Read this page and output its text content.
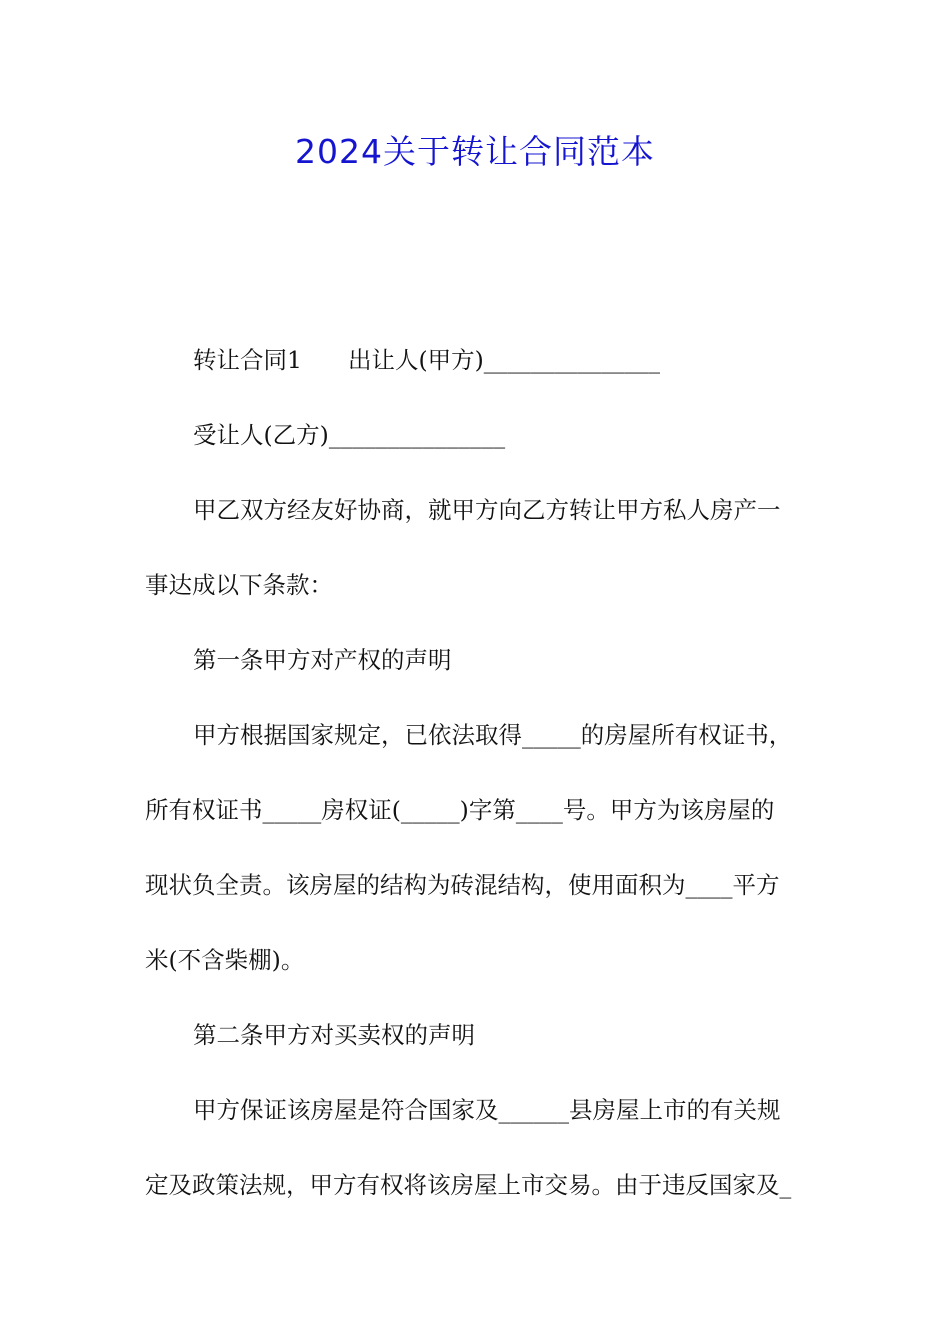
2024关于转让合同范本

转让合同1 出让人(甲方)_______________

受让人(乙方)_______________

甲乙双方经友好协商，就甲方向乙方转让甲方私人房产一

事达成以下条款：

第一条甲方对产权的声明

甲方根据国家规定，已依法取得_____的房屋所有权证书，

所有权证书_____房权证(_____)字第____号。甲方为该房屋的

现状负全责。该房屋的结构为砖混结构，使用面积为____平方

米(不含柴棚)。

第二条甲方对买卖权的声明

甲方保证该房屋是符合国家及______县房屋上市的有关规

定及政策法规，甲方有权将该房屋上市交易。由于违反国家及_
